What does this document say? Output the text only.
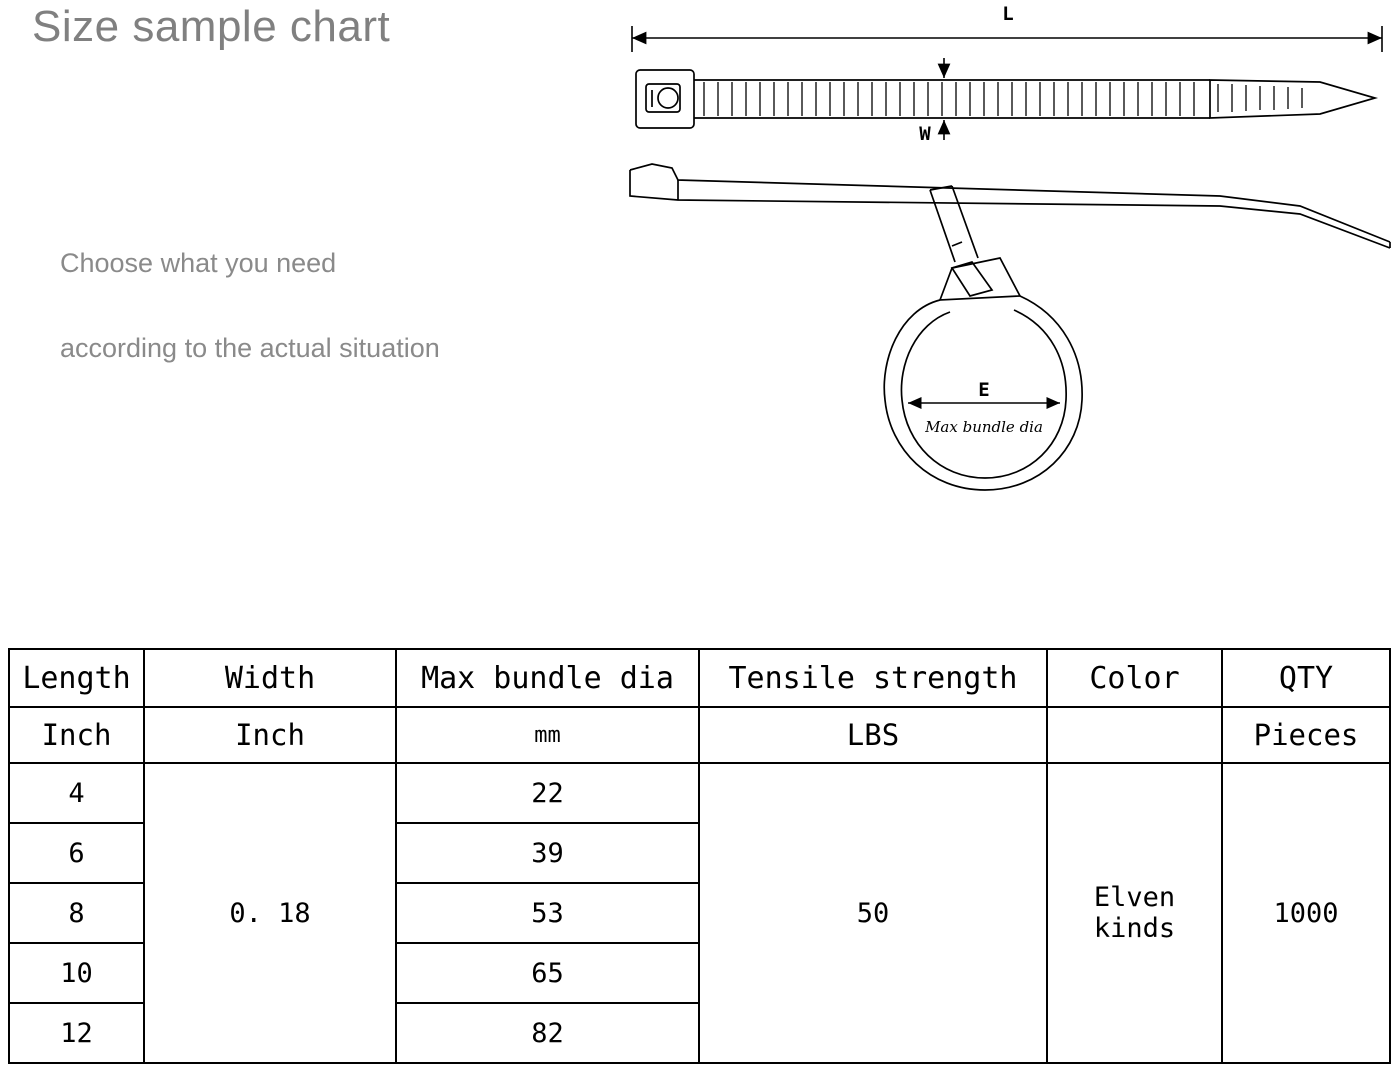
Size sample chart
Choose what you need
according to the actual situation
L
W
E
Max bundle dia
Length	Width	Max bundle dia	Tensile strength	Color	QTY
Inch	Inch	mm	LBS		Pieces
4	0. 18	22	50	Elven kinds	1000
6		39			
8		53			
10		65			
12		82			
